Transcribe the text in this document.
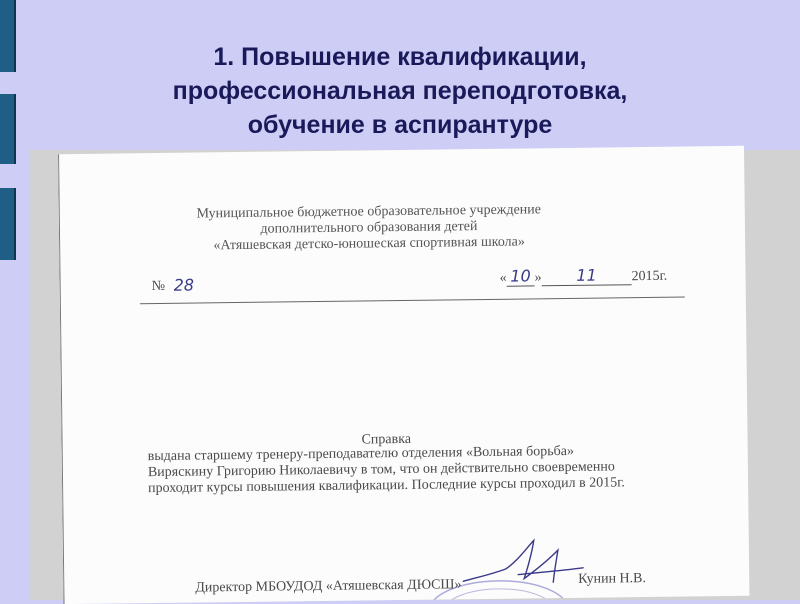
1. Повышение квалификации,
профессиональная переподготовка,
обучение в аспирантуре
Муниципальное бюджетное образовательное учреждение
дополнительного образования детей
«Атяшевская детско-юношеская спортивная школа»
№ 28	« 10 » 11 2015г.
Справка
выдана старшему тренеру-преподавателю отделения «Вольная борьба»
Виряскину Григорию Николаевичу в том, что он действительно своевременно
проходит курсы повышения квалификации. Последние курсы проходил в 2015г.
Директор МБОУДОД «Атяшевская ДЮСШ»	Кунин Н.В.
